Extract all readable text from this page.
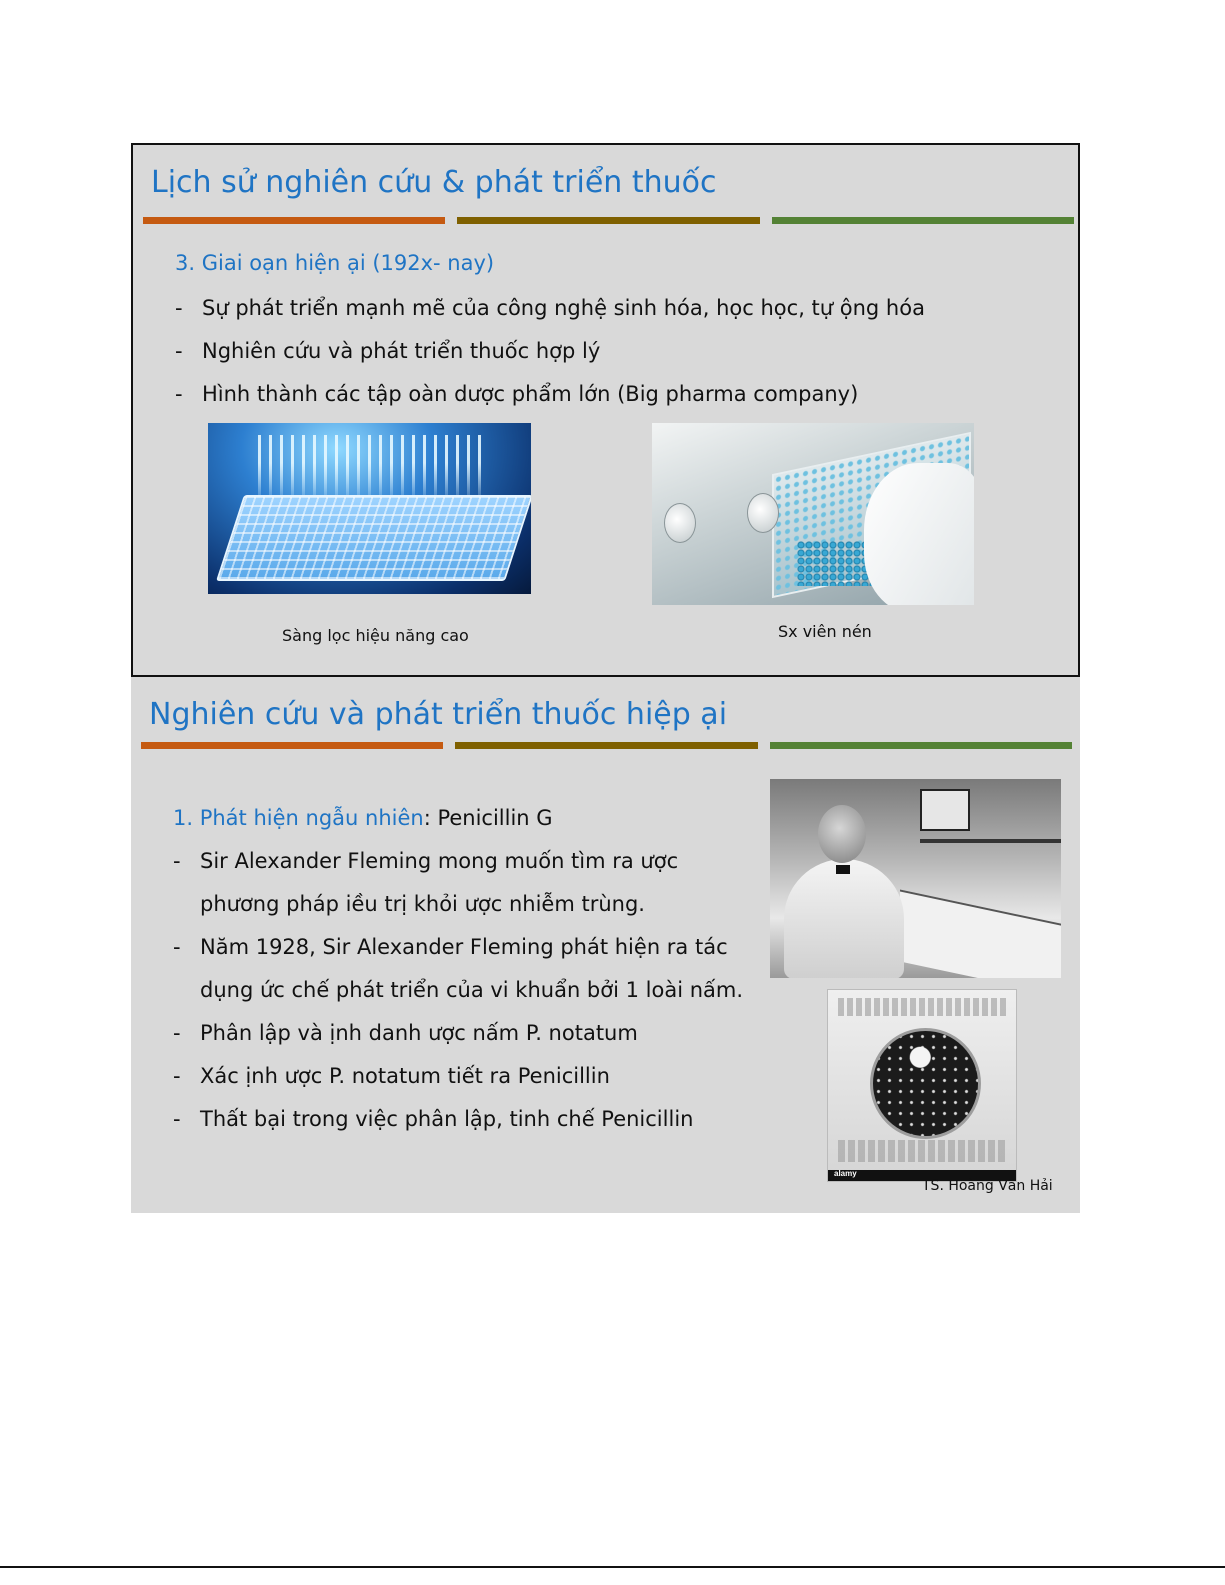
Lịch sử nghiên cứu & phát triển thuốc
3. Giai oạn hiện ại (192x- nay)
- Sự phát triển mạnh mẽ của công nghệ sinh hóa, học học, tự ộng hóa
- Nghiên cứu và phát triển thuốc hợp lý
- Hình thành các tập oàn dược phẩm lớn (Big pharma company)
Sàng lọc hiệu năng cao	Sx viên nén
Nghiên cứu và phát triển thuốc hiệp ại
1. Phát hiện ngẫu nhiên: Penicillin G
- Sir Alexander Fleming mong muốn tìm ra ược
phương pháp iều trị khỏi ược nhiễm trùng.
- Năm 1928, Sir Alexander Fleming phát hiện ra tác
dụng ức chế phát triển của vi khuẩn bởi 1 loài nấm.
- Phân lập và ịnh danh ược nấm P. notatum
- Xác ịnh ược P. notatum tiết ra Penicillin
- Thất bại trong việc phân lập, tinh chế Penicillin
alamy
TS. Hoàng Văn Hải
